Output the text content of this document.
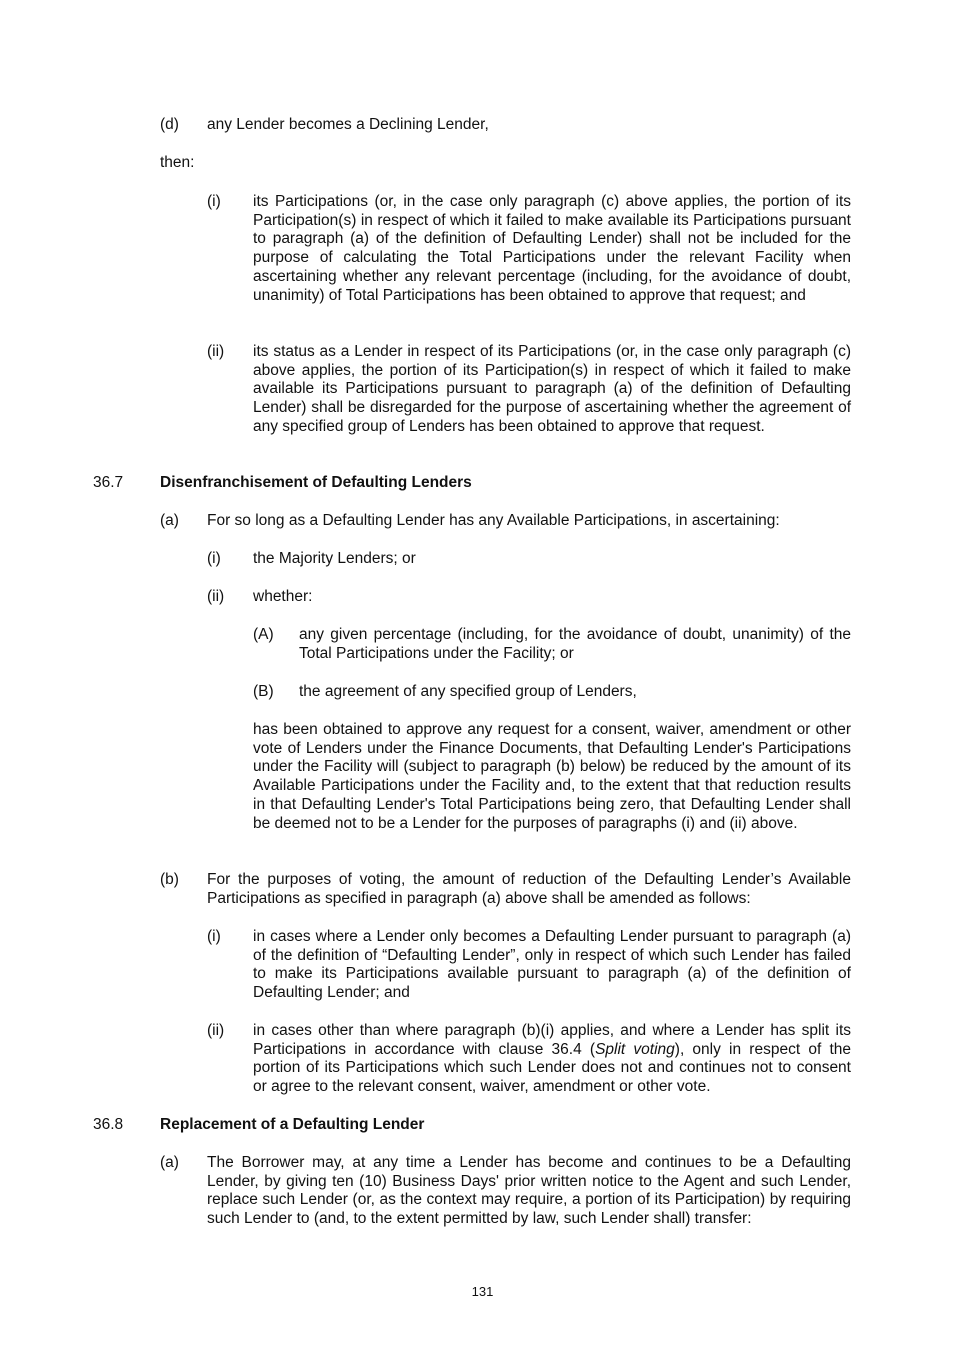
(d) any Lender becomes a Declining Lender,
then:
(i) its Participations (or, in the case only paragraph (c) above applies, the portion of its Participation(s) in respect of which it failed to make available its Participations pursuant to paragraph (a) of the definition of Defaulting Lender) shall not be included for the purpose of calculating the Total Participations under the relevant Facility when ascertaining whether any relevant percentage (including, for the avoidance of doubt, unanimity) of Total Participations has been obtained to approve that request; and
(ii) its status as a Lender in respect of its Participations (or, in the case only paragraph (c) above applies, the portion of its Participation(s) in respect of which it failed to make available its Participations pursuant to paragraph (a) of the definition of Defaulting Lender) shall be disregarded for the purpose of ascertaining whether the agreement of any specified group of Lenders has been obtained to approve that request.
36.7 Disenfranchisement of Defaulting Lenders
(a) For so long as a Defaulting Lender has any Available Participations, in ascertaining:
(i) the Majority Lenders; or
(ii) whether:
(A) any given percentage (including, for the avoidance of doubt, unanimity) of the Total Participations under the Facility; or
(B) the agreement of any specified group of Lenders,
has been obtained to approve any request for a consent, waiver, amendment or other vote of Lenders under the Finance Documents, that Defaulting Lender's Participations under the Facility will (subject to paragraph (b) below) be reduced by the amount of its Available Participations under the Facility and, to the extent that that reduction results in that Defaulting Lender's Total Participations being zero, that Defaulting Lender shall be deemed not to be a Lender for the purposes of paragraphs (i) and (ii) above.
(b) For the purposes of voting, the amount of reduction of the Defaulting Lender’s Available Participations as specified in paragraph (a) above shall be amended as follows:
(i) in cases where a Lender only becomes a Defaulting Lender pursuant to paragraph (a) of the definition of “Defaulting Lender”, only in respect of which such Lender has failed to make its Participations available pursuant to paragraph (a) of the definition of Defaulting Lender; and
(ii) in cases other than where paragraph (b)(i) applies, and where a Lender has split its Participations in accordance with clause 36.4 (Split voting), only in respect of the portion of its Participations which such Lender does not and continues not to consent or agree to the relevant consent, waiver, amendment or other vote.
36.8 Replacement of a Defaulting Lender
(a) The Borrower may, at any time a Lender has become and continues to be a Defaulting Lender, by giving ten (10) Business Days' prior written notice to the Agent and such Lender, replace such Lender (or, as the context may require, a portion of its Participation) by requiring such Lender to (and, to the extent permitted by law, such Lender shall) transfer:
131
